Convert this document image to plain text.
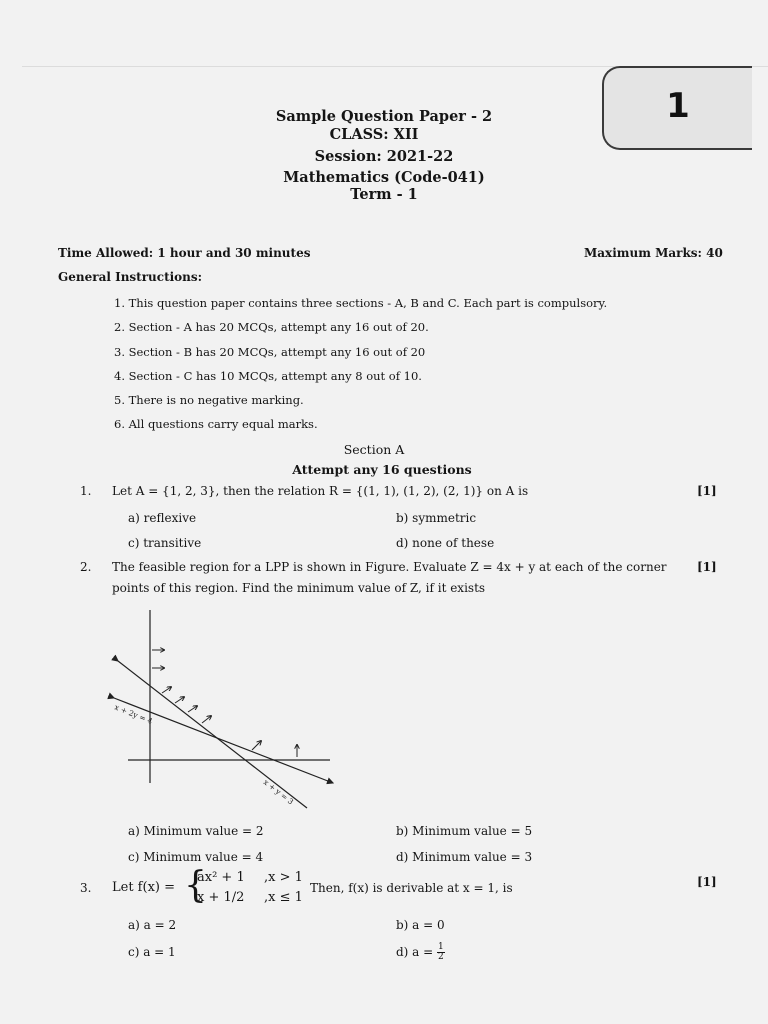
1
Sample Question Paper - 2
CLASS: XII
Session: 2021-22
Mathematics (Code-041)
Term - 1
Time Allowed: 1 hour and 30 minutes	Maximum Marks: 40
General Instructions:
1. This question paper contains three sections - A, B and C. Each part is compulsory.
2. Section - A has 20 MCQs, attempt any 16 out of 20.
3. Section - B has 20 MCQs, attempt any 16 out of 20
4. Section - C has 10 MCQs, attempt any 8 out of 10.
5. There is no negative marking.
6. All questions carry equal marks.
Section A
Attempt any 16 questions
1. Let A = {1, 2, 3}, then the relation R = {(1, 1), (1, 2), (2, 1)} on A is	[1]
a) reflexive	b) symmetric
c) transitive	d) none of these
2. The feasible region for a LPP is shown in Figure. Evaluate Z = 4x + y at each of the corner
points of this region. Find the minimum value of Z, if it exists
[1]
x + 2y = 4
x + y = 3
a) Minimum value = 2	b) Minimum value = 5
c) Minimum value = 4	d) Minimum value = 3
3. Let f(x) = {
ax² + 1 ,x > 1
x + 1/2 ,x ≤ 1
Then, f(x) is derivable at x = 1, is	[1]
a) a = 2	b) a = 0
c) a = 1	d) $a = \frac{1}{2}$
